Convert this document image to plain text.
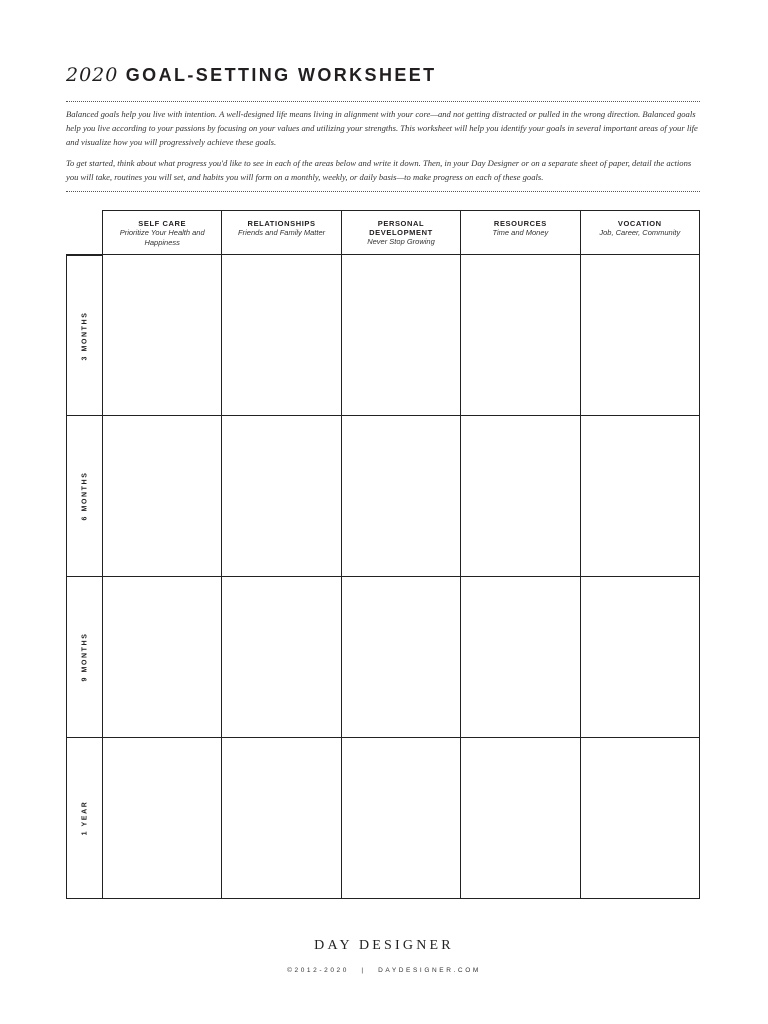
2020 GOAL-SETTING WORKSHEET

Balanced goals help you live with intention. A well-designed life means living in alignment with your core—and not getting distracted or pulled in the wrong direction. Balanced goals help you live according to your passions by focusing on your values and utilizing your strengths. This worksheet will help you identify your goals in several important areas of your life and visualize how you will progressively achieve these goals.

To get started, think about what progress you'd like to see in each of the areas below and write it down. Then, in your Day Designer or on a separate sheet of paper, detail the actions you will take, routines you will set, and habits you will form on a monthly, weekly, or daily basis—to make progress on each of these goals.

SELF CARE
Prioritize Your Health and Happiness
RELATIONSHIPS
Friends and Family Matter
PERSONAL DEVELOPMENT
Never Stop Growing
RESOURCES
Time and Money
VOCATION
Job, Career, Community
3 MONTHS
6 MONTHS
9 MONTHS
1 YEAR
DAY DESIGNER
©2012-2020 | DAYDESIGNER.COM
